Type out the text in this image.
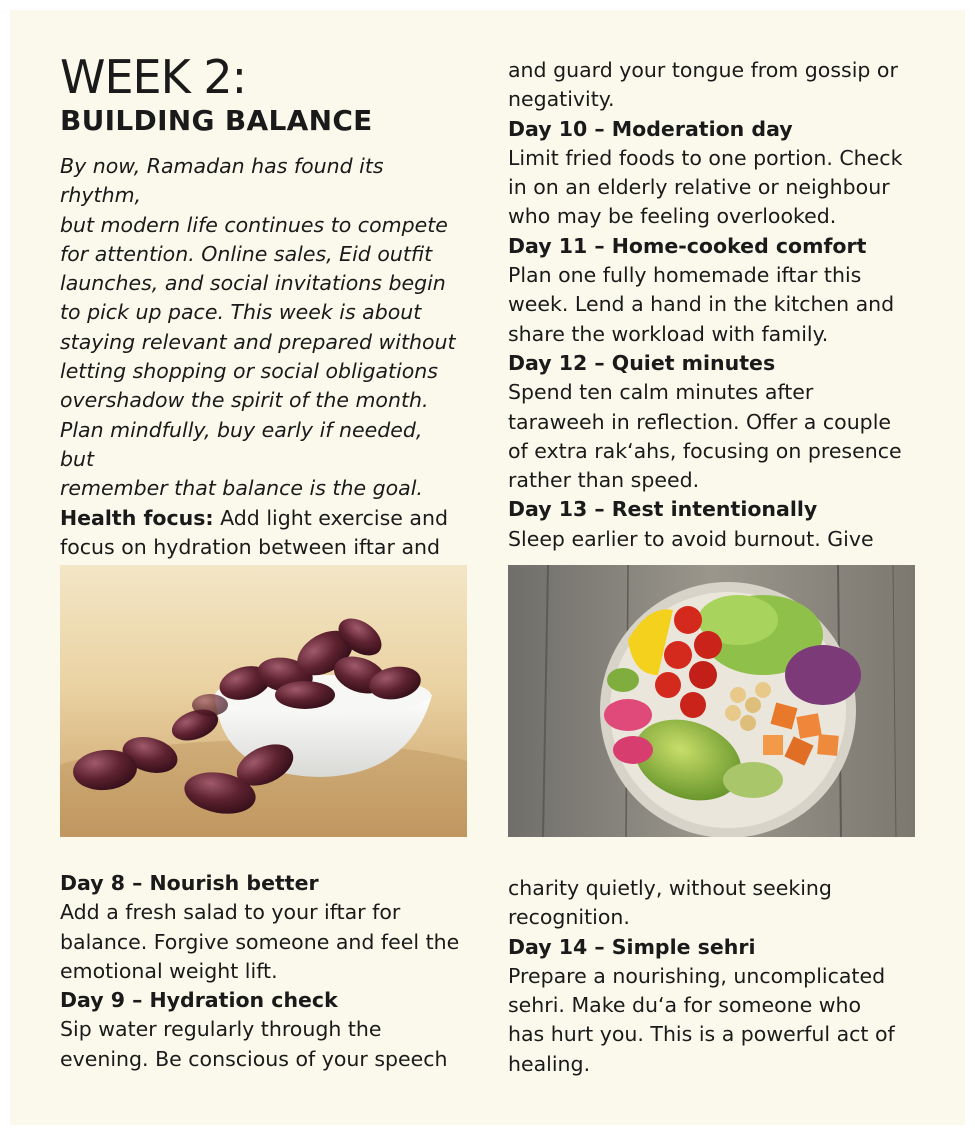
WEEK 2:
BUILDING BALANCE

By now, Ramadan has found its rhythm,

but modern life continues to compete

for attention. Online sales, Eid outfit

launches, and social invitations begin

to pick up pace. This week is about

staying relevant and prepared without

letting shopping or social obligations

overshadow the spirit of the month.

Plan mindfully, buy early if needed, but

remember that balance is the goal.

Health focus: Add light exercise and

focus on hydration between iftar and

and guard your tongue from gossip or

negativity.

Day 10 – Moderation day

Limit fried foods to one portion. Check

in on an elderly relative or neighbour

who may be feeling overlooked.

Day 11 – Home-cooked comfort

Plan one fully homemade iftar this

week. Lend a hand in the kitchen and

share the workload with family.

Day 12 – Quiet minutes

Spend ten calm minutes after

taraweeh in reflection. Offer a couple

of extra rak‘ahs, focusing on presence

rather than speed.

Day 13 – Rest intentionally

Sleep earlier to avoid burnout. Give

Day 8 – Nourish better

Add a fresh salad to your iftar for

balance. Forgive someone and feel the

emotional weight lift.

Day 9 – Hydration check

Sip water regularly through the

evening. Be conscious of your speech

charity quietly, without seeking

recognition.

Day 14 – Simple sehri

Prepare a nourishing, uncomplicated

sehri. Make du‘a for someone who

has hurt you. This is a powerful act of

healing.
